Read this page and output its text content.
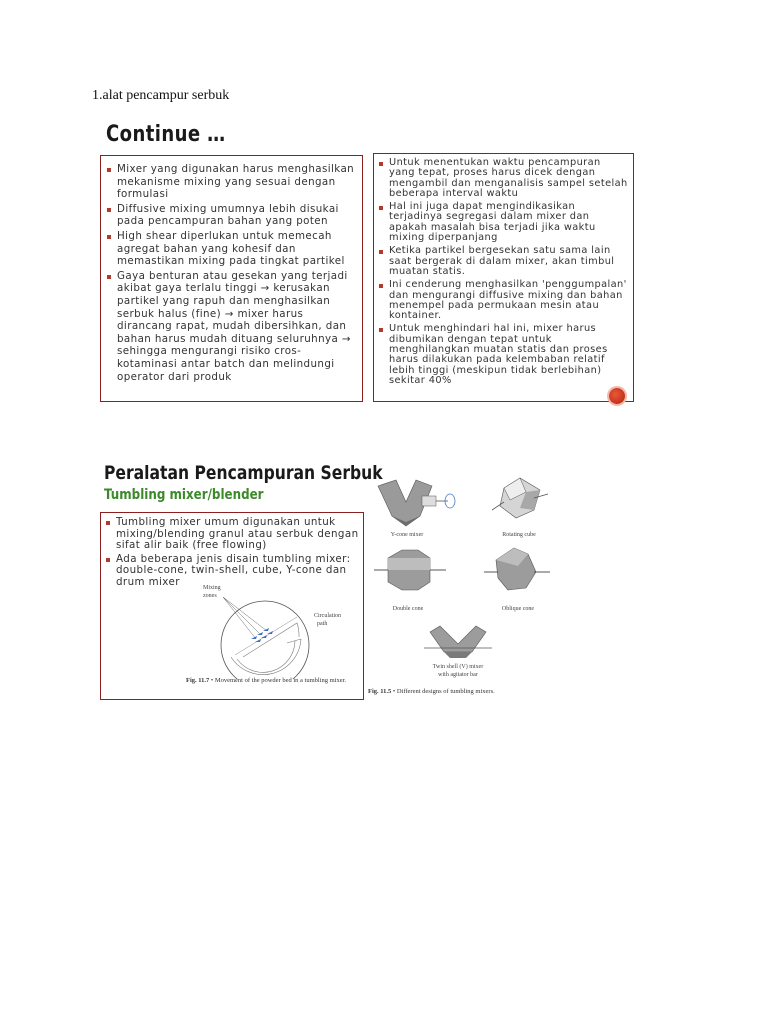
1.alat pencampur serbuk
Continue …
Mixer yang digunakan harus menghasilkan mekanisme mixing yang sesuai dengan formulasi
Diffusive mixing umumnya lebih disukai pada pencampuran bahan yang poten
High shear diperlukan untuk memecah agregat bahan yang kohesif dan memastikan mixing pada tingkat partikel
Gaya benturan atau gesekan yang terjadi akibat gaya terlalu tinggi → kerusakan partikel yang rapuh dan menghasilkan serbuk halus (fine) → mixer harus dirancang rapat, mudah dibersihkan, dan bahan harus mudah dituang seluruhnya → sehingga mengurangi risiko cros-kotaminasi antar batch dan melindungi operator dari produk
Untuk menentukan waktu pencampuran yang tepat, proses harus dicek dengan mengambil dan menganalisis sampel setelah beberapa interval waktu
Hal ini juga dapat mengindikasikan terjadinya segregasi dalam mixer dan apakah masalah bisa terjadi jika waktu mixing diperpanjang
Ketika partikel bergesekan satu sama lain saat bergerak di dalam mixer, akan timbul muatan statis.
Ini cenderung menghasilkan 'penggumpalan' dan mengurangi diffusive mixing dan bahan menempel pada permukaan mesin atau kontainer.
Untuk menghindari hal ini, mixer harus dibumikan dengan tepat untuk menghilangkan muatan statis dan proses harus dilakukan pada kelembaban relatif lebih tinggi (meskipun tidak berlebihan) sekitar 40%
Peralatan Pencampuran Serbuk
Tumbling mixer/blender
Tumbling mixer umum digunakan untuk mixing/blending granul atau serbuk dengan sifat alir baik (free flowing)
Ada beberapa jenis disain tumbling mixer: double-cone, twin-shell, cube, Y-cone dan drum mixer
Mixing
zones
Circulation
path
Fig. 11.7 • Movement of the powder bed in a tumbling mixer.
Y-cone mixer	Rotating cube
Double cone	Oblique cone
Twin shell (V) mixer
with agitator bar
Fig. 11.5 • Different designs of tumbling mixers.
